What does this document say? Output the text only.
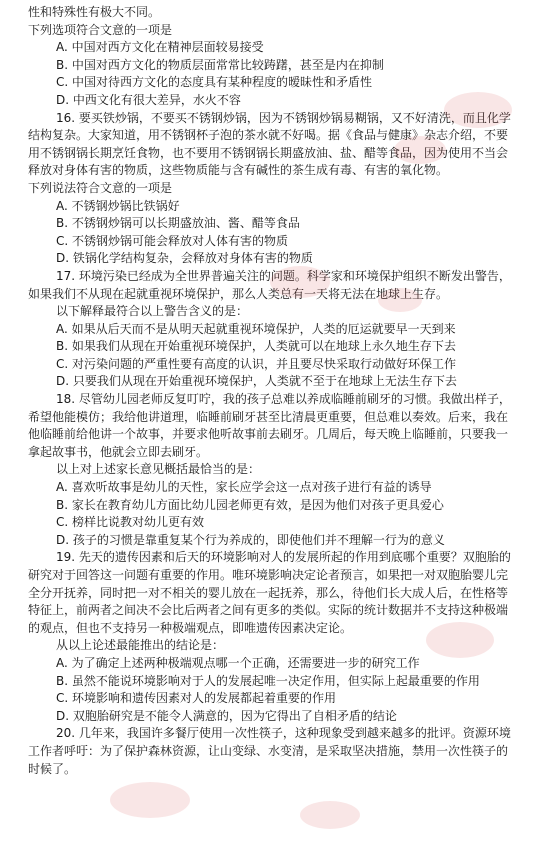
性和特殊性有极大不同。
下列选项符合文意的一项是
A. 中国对西方文化在精神层面较易接受
B. 中国对西方文化的物质层面常常比较踌躇，甚至是内在抑制
C. 中国对待西方文化的态度具有某种程度的暧昧性和矛盾性
D. 中西文化有很大差异，水火不容
16. 要买铁炒锅，不要买不锈钢炒锅，因为不锈钢炒锅易糊锅，又不好清洗，而且化学
结构复杂。大家知道，用不锈钢杯子泡的茶水就不好喝。据《食品与健康》杂志介绍，不要
用不锈钢锅长期烹饪食物，也不要用不锈钢锅长期盛放油、盐、醋等食品，因为使用不当会
释放对身体有害的物质，这些物质能与含有碱性的茶生成有毒、有害的氧化物。
下列说法符合文意的一项是
A. 不锈钢炒锅比铁锅好
B. 不锈钢炒锅可以长期盛放油、酱、醋等食品
C. 不锈钢炒锅可能会释放对人体有害的物质
D. 铁锅化学结构复杂，会释放对身体有害的物质
17. 环境污染已经成为全世界普遍关注的问题。科学家和环境保护组织不断发出警告，
如果我们不从现在起就重视环境保护，那么人类总有一天将无法在地球上生存。
以下解释最符合以上警告含义的是：
A. 如果从后天而不是从明天起就重视环境保护，人类的厄运就要早一天到来
B. 如果我们从现在开始重视环境保护，人类就可以在地球上永久地生存下去
C. 对污染问题的严重性要有高度的认识，并且要尽快采取行动做好环保工作
D. 只要我们从现在开始重视环境保护，人类就不至于在地球上无法生存下去
18. 尽管幼儿园老师反复叮咛，我的孩子总难以养成临睡前刷牙的习惯。我做出样子，
希望他能模仿；我给他讲道理，临睡前刷牙甚至比清晨更重要，但总难以奏效。后来，我在
他临睡前给他讲一个故事，并要求他听故事前去刷牙。几周后，每天晚上临睡前，只要我一
拿起故事书，他就会立即去刷牙。
以上对上述家长意见概括最恰当的是：
A. 喜欢听故事是幼儿的天性，家长应学会这一点对孩子进行有益的诱导
B. 家长在教育幼儿方面比幼儿园老师更有效，是因为他们对孩子更具爱心
C. 榜样比说教对幼儿更有效
D. 孩子的习惯是靠重复某个行为养成的，即使他们并不理解一行为的意义
19. 先天的遗传因素和后天的环境影响对人的发展所起的作用到底哪个重要？双胞胎的
研究对于回答这一问题有重要的作用。唯环境影响决定论者预言，如果把一对双胞胎婴儿完
全分开抚养，同时把一对不相关的婴儿放在一起抚养，那么，待他们长大成人后，在性格等
特征上，前两者之间决不会比后两者之间有更多的类似。实际的统计数据并不支持这种极端
的观点，但也不支持另一种极端观点，即唯遗传因素决定论。
从以上论述最能推出的结论是：
A. 为了确定上述两种极端观点哪一个正确，还需要进一步的研究工作
B. 虽然不能说环境影响对于人的发展起唯一决定作用，但实际上起最重要的作用
C. 环境影响和遗传因素对人的发展都起着重要的作用
D. 双胞胎研究是不能令人满意的，因为它得出了自相矛盾的结论
20. 几年来，我国许多餐厅使用一次性筷子，这种现象受到越来越多的批评。资源环境
工作者呼吁：为了保护森林资源，让山变绿、水变清，是采取坚决措施，禁用一次性筷子的
时候了。
